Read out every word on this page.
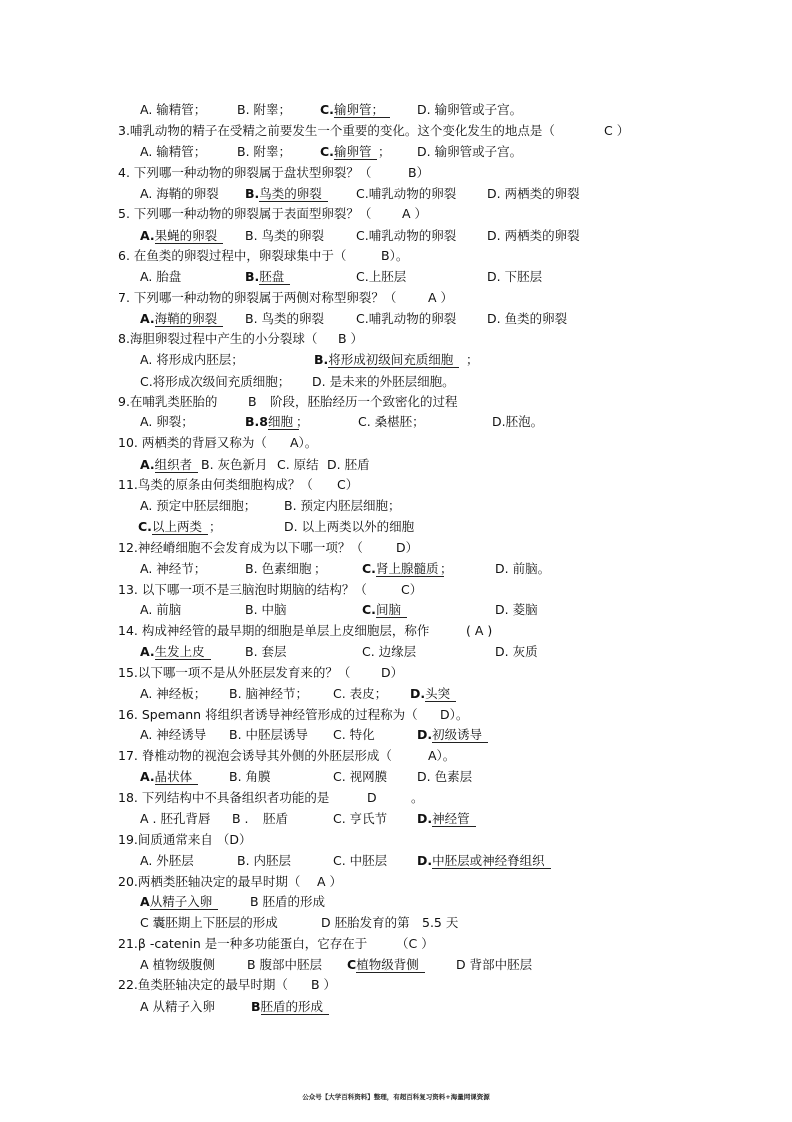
A. 输精管； B. 附睾； C.输卵管；	D. 输卵管或子宫。
3.哺乳动物的精子在受精之前要发生一个重要的变化。这个变化发生的地点是（	C ）
A. 输精管； B. 附睾； C.输卵管 ； D. 输卵管或子宫。
4. 下列哪一种动物的卵裂属于盘状型卵裂？（	B）
A. 海鞘的卵裂 B.鸟类的卵裂	C.哺乳动物的卵裂 D. 两栖类的卵裂
5. 下列哪一种动物的卵裂属于表面型卵裂？（ A ）
A.果蝇的卵裂	B. 鸟类的卵裂	C.哺乳动物的卵裂 D. 两栖类的卵裂
6. 在鱼类的卵裂过程中，卵裂球集中于（	B）。
A. 胎盘	B.胚盘	C.上胚层	D. 下胚层
7. 下列哪一种动物的卵裂属于两侧对称型卵裂？（	A ）
A.海鞘的卵裂	B. 鸟类的卵裂	C.哺乳动物的卵裂 D. 鱼类的卵裂
8.海胆卵裂过程中产生的小分裂球（ B ）
A. 将形成内胚层；	B.将形成初级间充质细胞	；
C.将形成次级间充质细胞； D. 是未来的外胚层细胞。
9.在哺乳类胚胎的 B 阶段，胚胎经历一个致密化的过程
A. 卵裂；	B.8细胞 ；	C. 桑椹胚；	D.胚泡。
10. 两栖类的背唇又称为（ A）。
A.组织者 B. 灰色新月 C. 原结 D. 胚盾
11.鸟类的原条由何类细胞构成？（ C）
A. 预定中胚层细胞； B. 预定内胚层细胞；
C.以上两类 ；	D. 以上两类以外的细胞
12.神经嵴细胞不会发育成为以下哪一项？（	D）
A. 神经节；	B. 色素细胞 ；	C.肾上腺髓质 ；	D. 前脑。
13. 以下哪一项不是三脑泡时期脑的结构？（	C）
A. 前脑	B. 中脑	C.间脑	D. 菱脑
14. 构成神经管的最早期的细胞是单层上皮细胞层，称作	( A )
A.生发上皮	B. 套层	C. 边缘层	D. 灰质
15.以下哪一项不是从外胚层发育来的？（ D）
A. 神经板； B. 脑神经节； C. 表皮； D.头突
16. Spemann 将组织者诱导神经管形成的过程称为（ D）。
A. 神经诱导 B. 中胚层诱导 C. 特化	D.初级诱导
17. 脊椎动物的视泡会诱导其外侧的外胚层形成（	A）。
A.晶状体	B. 角膜	C. 视网膜 D. 色素层
18. 下列结构中不具备组织者功能的是	D	。
A . 胚孔背唇 B . 胚盾	C. 亨氏节 D.神经管
19.间质通常来自 （D）
A. 外胚层	B. 内胚层	C. 中胚层 D.中胚层或神经脊组织
20.两栖类胚轴决定的最早时期（ A ）
A从精子入卵	B 胚盾的形成
C 囊胚期上下胚层的形成	D 胚胎发育的第 5.5 天
21.β -catenin 是一种多功能蛋白，它存在于 （C ）
A 植物级腹侧	B 腹部中胚层 C植物级背侧	D 背部中胚层
22.鱼类胚轴决定的最早时期（ B ）
A 从精子入卵	B胚盾的形成
公众号【大学百科资料】整理，有超百科复习资料+海量网课资源
